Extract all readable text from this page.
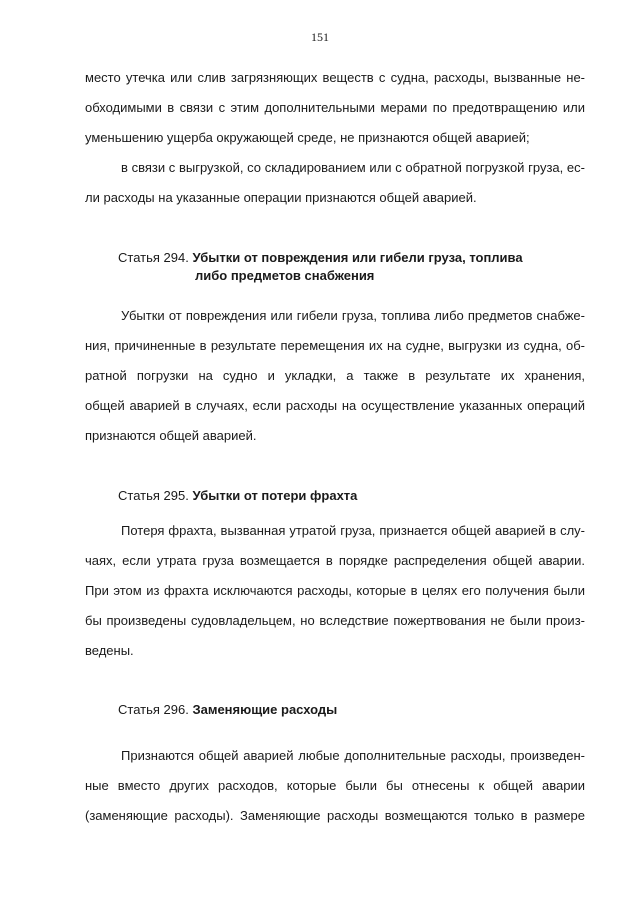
151
место утечка или слив загрязняющих веществ с судна, расходы, вызванные не-
обходимыми в связи с этим дополнительными мерами по предотвращению или
уменьшению ущерба окружающей среде, не признаются общей аварией;
в связи с выгрузкой, со складированием или с обратной погрузкой груза, ес-
ли расходы на указанные операции признаются общей аварией.
Статья 294. Убытки от повреждения или гибели груза, топлива
либо предметов снабжения
Убытки от повреждения или гибели груза, топлива либо предметов снабже-
ния, причиненные в результате перемещения их на судне, выгрузки из судна, об-
ратной погрузки на судно и укладки, а также в результате их хранения,
общей аварией в случаях, если расходы на осуществление указанных операций
признаются общей аварией.
Статья 295. Убытки от потери фрахта
Потеря фрахта, вызванная утратой груза, признается общей аварией в слу-
чаях, если утрата груза возмещается в порядке распределения общей аварии.
При этом из фрахта исключаются расходы, которые в целях его получения были
бы произведены судовладельцем, но вследствие пожертвования не были произ-
ведены.
Статья 296. Заменяющие расходы
Признаются общей аварией любые дополнительные расходы, произведен-
ные вместо других расходов, которые были бы отнесены к общей аварии
(заменяющие расходы). Заменяющие расходы возмещаются только в размере
